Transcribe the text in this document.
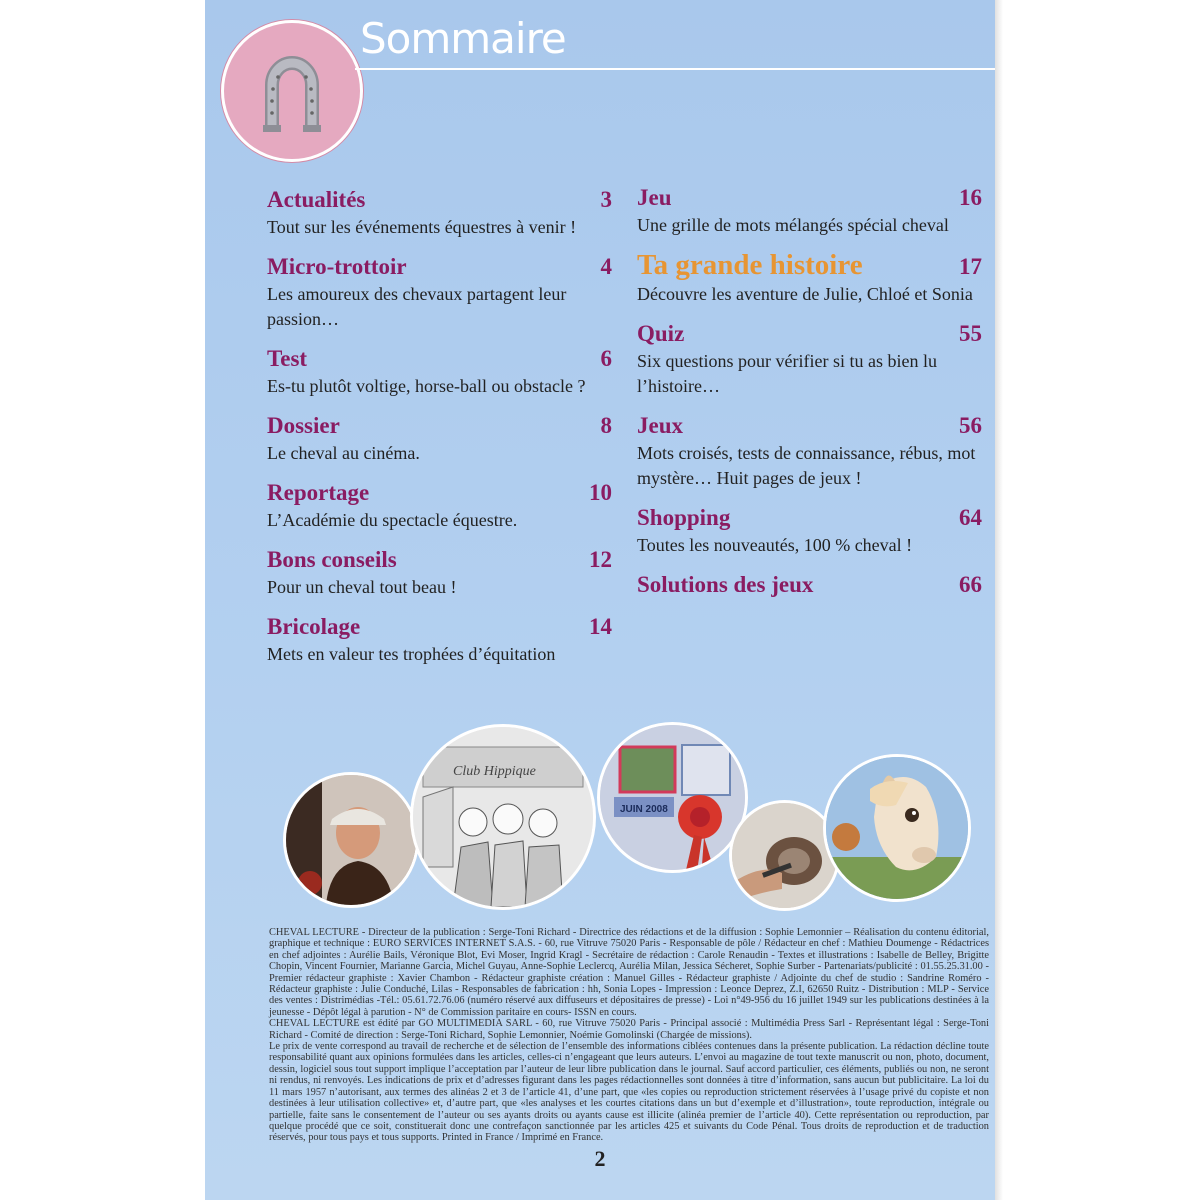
Sommaire
Actualités	3
Tout sur les événements équestres à venir !
Micro-trottoir	4
Les amoureux des chevaux partagent leur passion…
Test	6
Es-tu plutôt voltige, horse-ball ou obstacle ?
Dossier	8
Le cheval au cinéma.
Reportage	10
L’Académie du spectacle équestre.
Bons conseils	12
Pour un cheval tout beau !
Bricolage	14
Mets en valeur tes trophées d’équitation
Jeu	16
Une grille de mots mélangés spécial cheval
Ta grande histoire	17
Découvre les aventure de Julie, Chloé et Sonia
Quiz	55
Six questions pour vérifier si tu as bien lu l’histoire…
Jeux	56
Mots croisés, tests de connaissance, rébus, mot mystère… Huit pages de jeux !
Shopping	64
Toutes les nouveautés, 100 % cheval !
Solutions des jeux	66
Club Hippique
JUIN 2008

CHEVAL LECTURE - Directeur de la publication : Serge-Toni Richard - Directrice des rédactions et de la diffusion : Sophie Lemonnier – Réalisation du contenu éditorial, graphique et technique : EURO SERVICES INTERNET S.A.S. - 60, rue Vitruve 75020 Paris - Responsable de pôle / Rédacteur en chef : Mathieu Doumenge - Rédactrices en chef adjointes : Aurélie Bails, Véronique Blot, Evi Moser, Ingrid Kragl - Secrétaire de rédaction : Carole Renaudin - Textes et illustrations : Isabelle de Belley, Brigitte Chopin, Vincent Fournier, Marianne Garcia, Michel Guyau, Anne-Sophie Leclercq, Aurélia Milan, Jessica Sécheret, Sophie Surber - Partenariats/publicité : 01.55.25.31.00 - Premier rédacteur graphiste : Xavier Chambon - Rédacteur graphiste création : Manuel Gilles - Rédacteur graphiste / Adjointe du chef de studio : Sandrine Roméro - Rédacteur graphiste : Julie Conduché, Lilas - Responsables de fabrication : hh, Sonia Lopes - Impression : Leonce Deprez, Z.I, 62650 Ruitz - Distribution : MLP - Service des ventes : Distrimédias -Tél.: 05.61.72.76.06 (numéro réservé aux diffuseurs et dépositaires de presse) - Loi n°49-956 du 16 juillet 1949 sur les publications destinées à la jeunesse - Dépôt légal à parution - N° de Commission paritaire en cours- ISSN en cours.

CHEVAL LECTURE est édité par GO MULTIMEDIA SARL - 60, rue Vitruve 75020 Paris - Principal associé : Multimédia Press Sarl - Représentant légal : Serge-Toni Richard - Comité de direction : Serge-Toni Richard, Sophie Lemonnier, Noémie Gomolinski (Chargée de missions).

Le prix de vente correspond au travail de recherche et de sélection de l’ensemble des informations ciblées contenues dans la présente publication. La rédaction décline toute responsabilité quant aux opinions formulées dans les articles, celles-ci n’engageant que leurs auteurs. L’envoi au magazine de tout texte manuscrit ou non, photo, document, dessin, logiciel sous tout support implique l’acceptation par l’auteur de leur libre publication dans le journal. Sauf accord particulier, ces éléments, publiés ou non, ne seront ni rendus, ni renvoyés. Les indications de prix et d’adresses figurant dans les pages rédactionnelles sont données à titre d’information, sans aucun but publicitaire. La loi du 11 mars 1957 n’autorisant, aux termes des alinéas 2 et 3 de l’article 41, d’une part, que «les copies ou reproduction strictement réservées à l’usage privé du copiste et non destinées à leur utilisation collective» et, d’autre part, que «les analyses et les courtes citations dans un but d’exemple et d’illustration», toute reproduction, intégrale ou partielle, faite sans le consentement de l’auteur ou ses ayants droits ou ayants cause est illicite (alinéa premier de l’article 40). Cette représentation ou reproduction, par quelque procédé que ce soit, constituerait donc une contrefaçon sanctionnée par les articles 425 et suivants du Code Pénal. Tous droits de reproduction et de traduction réservés, pour tous pays et tous supports. Printed in France / Imprimé en France.

2
